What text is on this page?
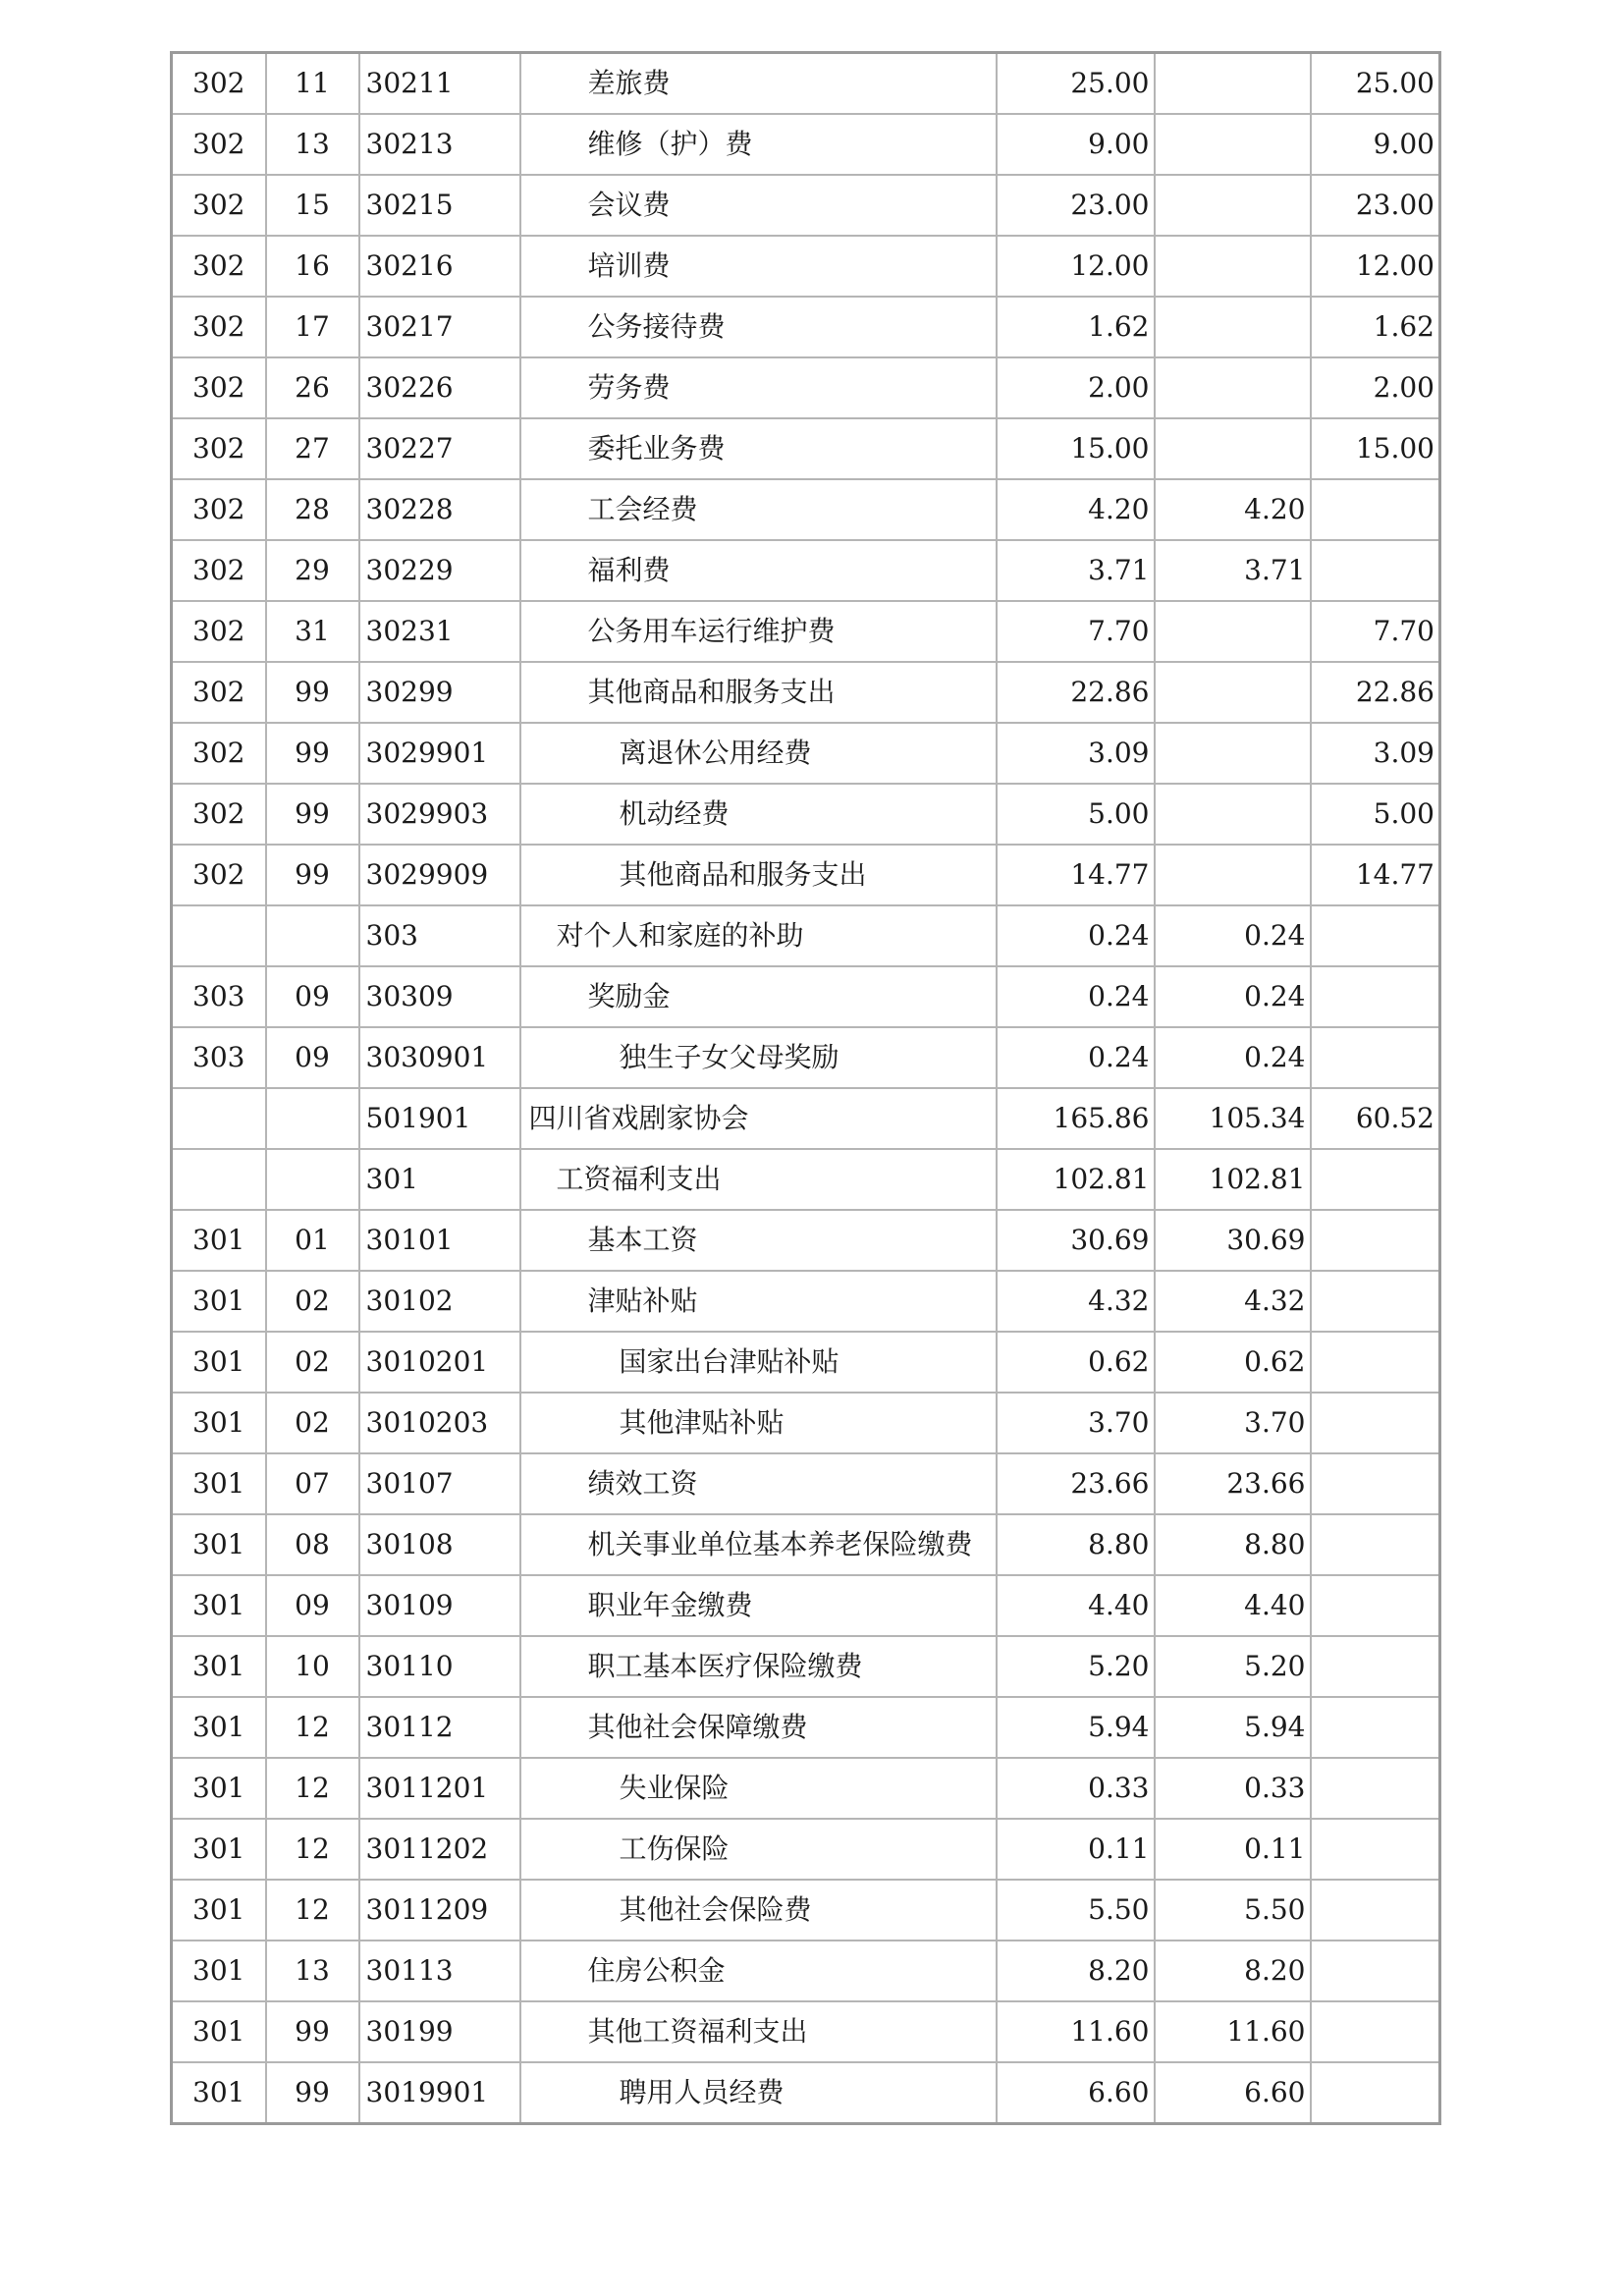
302	11	30211	差旅费	25.00		25.00
302	13	30213	维修（护）费	9.00		9.00
302	15	30215	会议费	23.00		23.00
302	16	30216	培训费	12.00		12.00
302	17	30217	公务接待费	1.62		1.62
302	26	30226	劳务费	2.00		2.00
302	27	30227	委托业务费	15.00		15.00
302	28	30228	工会经费	4.20	4.20	
302	29	30229	福利费	3.71	3.71	
302	31	30231	公务用车运行维护费	7.70		7.70
302	99	30299	其他商品和服务支出	22.86		22.86
302	99	3029901	离退休公用经费	3.09		3.09
302	99	3029903	机动经费	5.00		5.00
302	99	3029909	其他商品和服务支出	14.77		14.77
		303	对个人和家庭的补助	0.24	0.24	
303	09	30309	奖励金	0.24	0.24	
303	09	3030901	独生子女父母奖励	0.24	0.24	
		501901	四川省戏剧家协会	165.86	105.34	60.52
		301	工资福利支出	102.81	102.81	
301	01	30101	基本工资	30.69	30.69	
301	02	30102	津贴补贴	4.32	4.32	
301	02	3010201	国家出台津贴补贴	0.62	0.62	
301	02	3010203	其他津贴补贴	3.70	3.70	
301	07	30107	绩效工资	23.66	23.66	
301	08	30108	机关事业单位基本养老保险缴费	8.80	8.80	
301	09	30109	职业年金缴费	4.40	4.40	
301	10	30110	职工基本医疗保险缴费	5.20	5.20	
301	12	30112	其他社会保障缴费	5.94	5.94	
301	12	3011201	失业保险	0.33	0.33	
301	12	3011202	工伤保险	0.11	0.11	
301	12	3011209	其他社会保险费	5.50	5.50	
301	13	30113	住房公积金	8.20	8.20	
301	99	30199	其他工资福利支出	11.60	11.60	
301	99	3019901	聘用人员经费	6.60	6.60	
